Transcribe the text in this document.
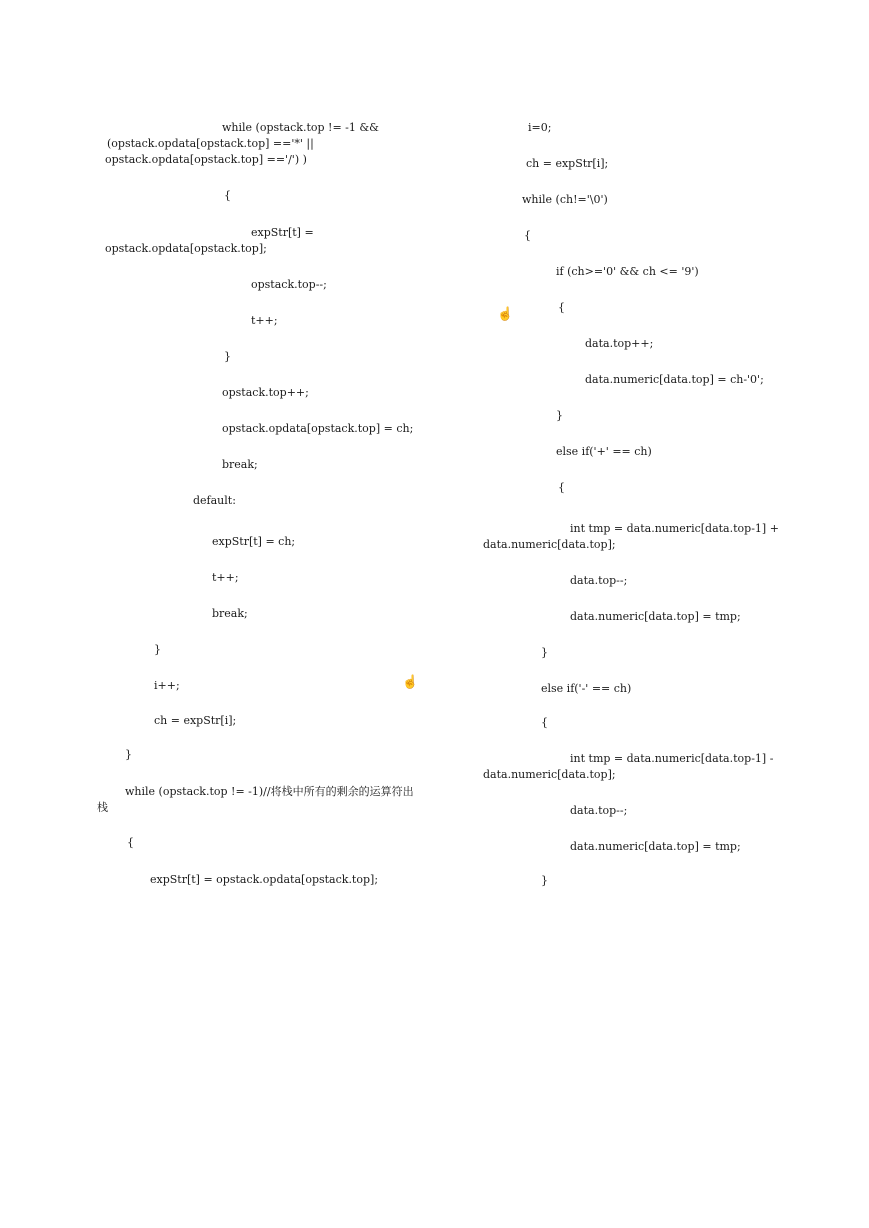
while (opstack.top != -1 &&
(opstack.opdata[opstack.top] =='*' ||
opstack.opdata[opstack.top] =='/') )
{
expStr[t] =
opstack.opdata[opstack.top];
opstack.top--;
t++;
}
opstack.top++;
opstack.opdata[opstack.top] = ch;
break;
default:
expStr[t] = ch;
t++;
break;
}
i++;
ch = expStr[i];
}
while (opstack.top != -1)//将栈中所有的剩余的运算符出
栈
{
expStr[t] = opstack.opdata[opstack.top];
☝
i=0;
ch = expStr[i];
while (ch!='\0')
{
if (ch>='0' && ch <= '9')
{
data.top++;
data.numeric[data.top] = ch-'0';
}
else if('+' == ch)
{
int tmp = data.numeric[data.top-1] +
data.numeric[data.top];
data.top--;
data.numeric[data.top] = tmp;
}
else if('-' == ch)
{
int tmp = data.numeric[data.top-1] -
data.numeric[data.top];
data.top--;
data.numeric[data.top] = tmp;
}
☝
